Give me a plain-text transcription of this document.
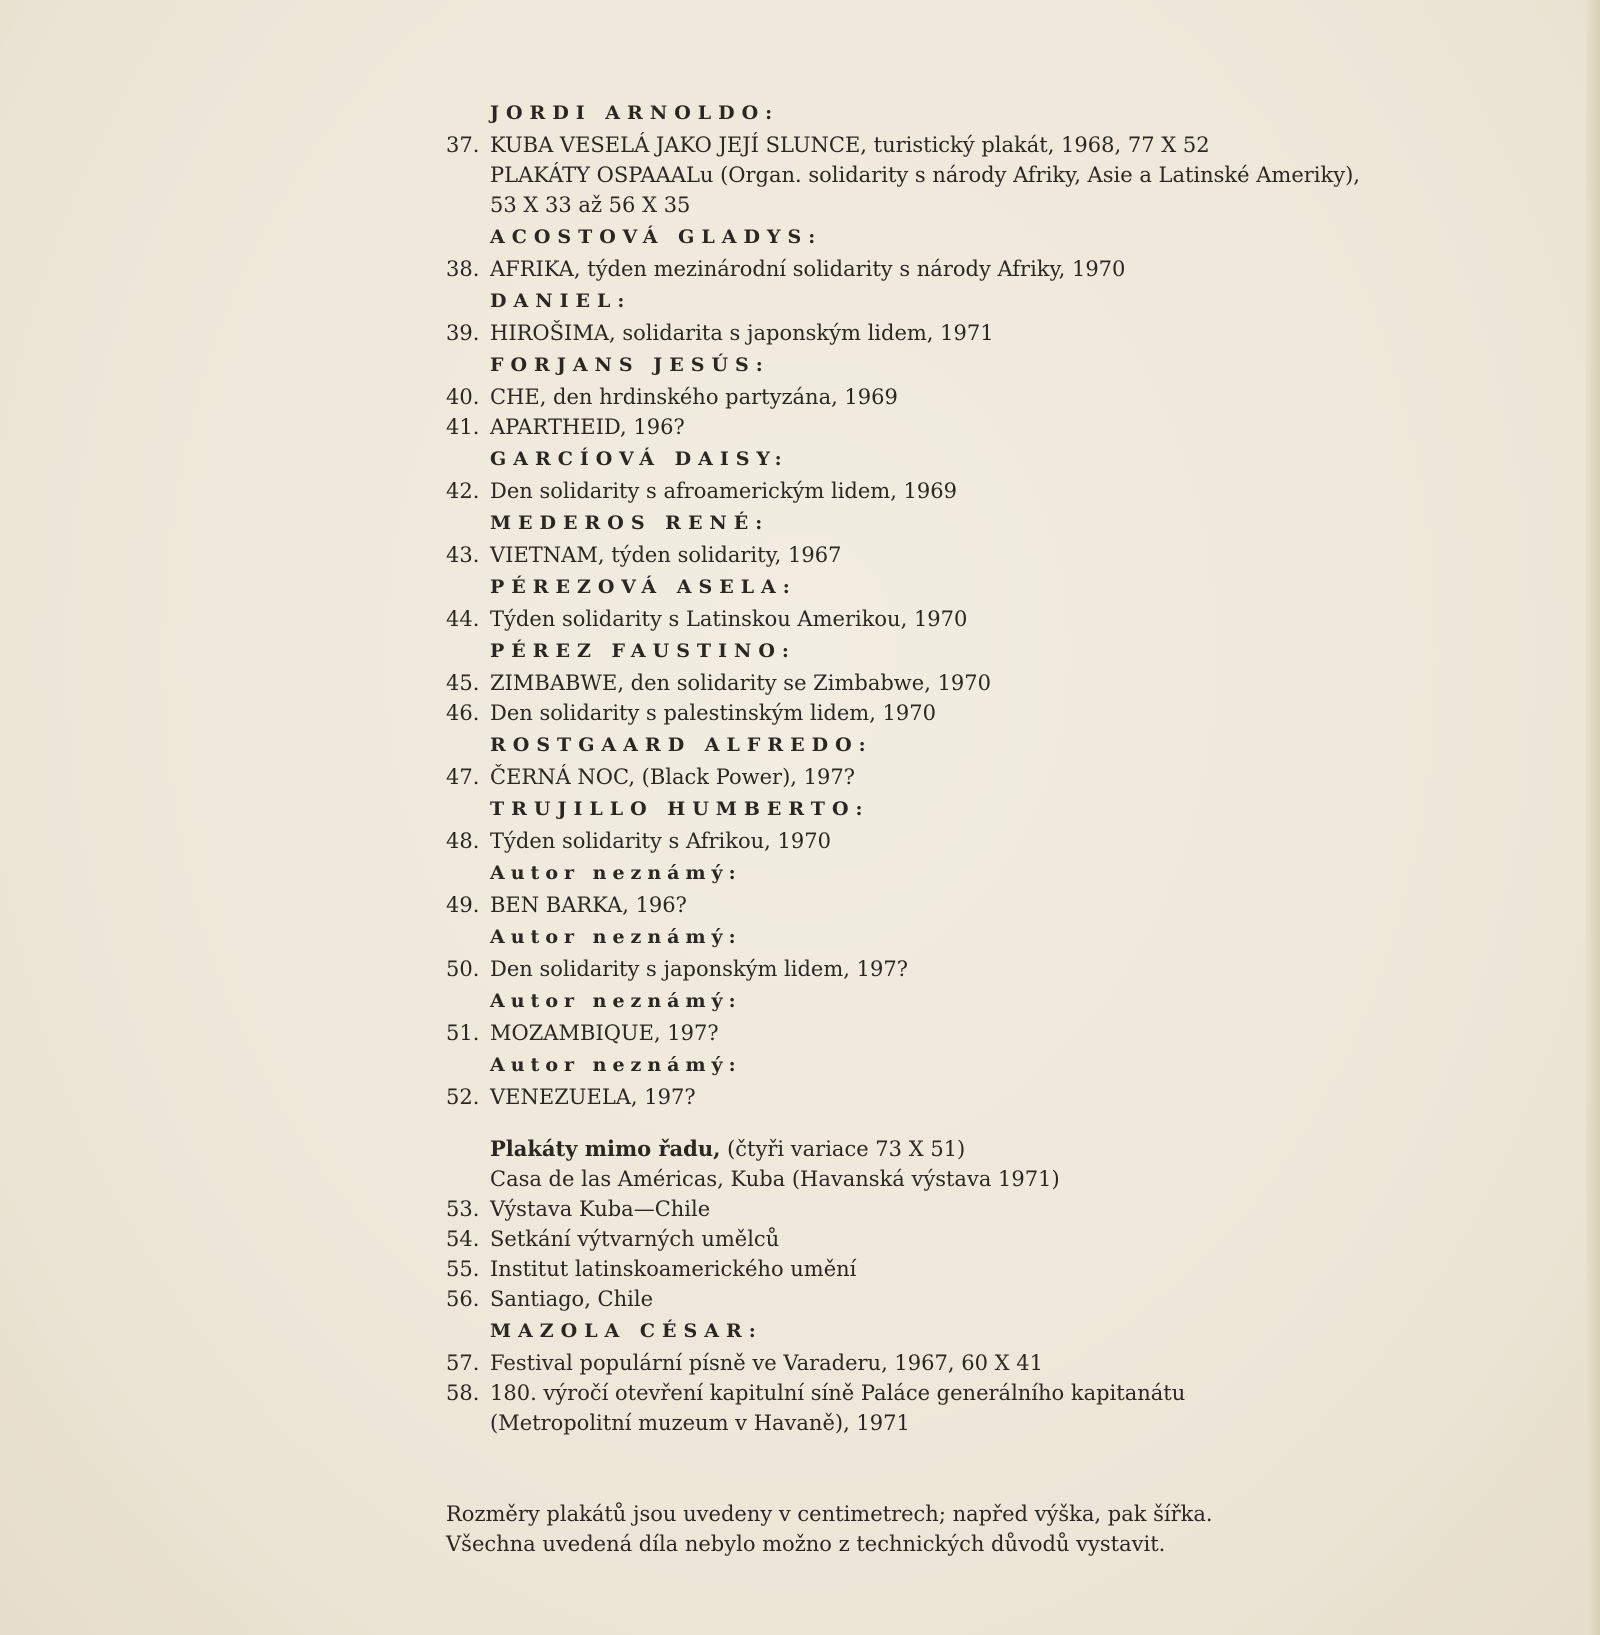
JORDI ARNOLDO:
37. KUBA VESELÁ JAKO JEJÍ SLUNCE, turistický plakát, 1968, 77 X 52
PLAKÁTY OSPAAALu (Organ. solidarity s národy Afriky, Asie a Latinské Ameriky),
53 X 33 až 56 X 35
ACOSTOVÁ GLADYS:
38. AFRIKA, týden mezinárodní solidarity s národy Afriky, 1970
DANIEL:
39. HIROŠIMA, solidarita s japonským lidem, 1971
FORJANS JESÚS:
40. CHE, den hrdinského partyzána, 1969
41. APARTHEID, 196?
GARCÍOVÁ DAISY:
42. Den solidarity s afroamerickým lidem, 1969
MEDEROS RENÉ:
43. VIETNAM, týden solidarity, 1967
PÉREZOVÁ ASELA:
44. Týden solidarity s Latinskou Amerikou, 1970
PÉREZ FAUSTINO:
45. ZIMBABWE, den solidarity se Zimbabwe, 1970
46. Den solidarity s palestinským lidem, 1970
ROSTGAARD ALFREDO:
47. ČERNÁ NOC, (Black Power), 197?
TRUJILLO HUMBERTO:
48. Týden solidarity s Afrikou, 1970
Autor neznámý:
49. BEN BARKA, 196?
Autor neznámý:
50. Den solidarity s japonským lidem, 197?
Autor neznámý:
51. MOZAMBIQUE, 197?
Autor neznámý:
52. VENEZUELA, 197?
Plakáty mimo řadu, (čtyři variace 73 X 51)
Casa de las Américas, Kuba (Havanská výstava 1971)
53. Výstava Kuba—Chile
54. Setkání výtvarných umělců
55. Institut latinskoamerického umění
56. Santiago, Chile
MAZOLA CÉSAR:
57. Festival populární písně ve Varaderu, 1967, 60 X 41
58. 180. výročí otevření kapitulní síně Paláce generálního kapitanátu
(Metropolitní muzeum v Havaně), 1971
Rozměry plakátů jsou uvedeny v centimetrech; napřed výška, pak šířka.
Všechna uvedená díla nebylo možno z technických důvodů vystavit.
